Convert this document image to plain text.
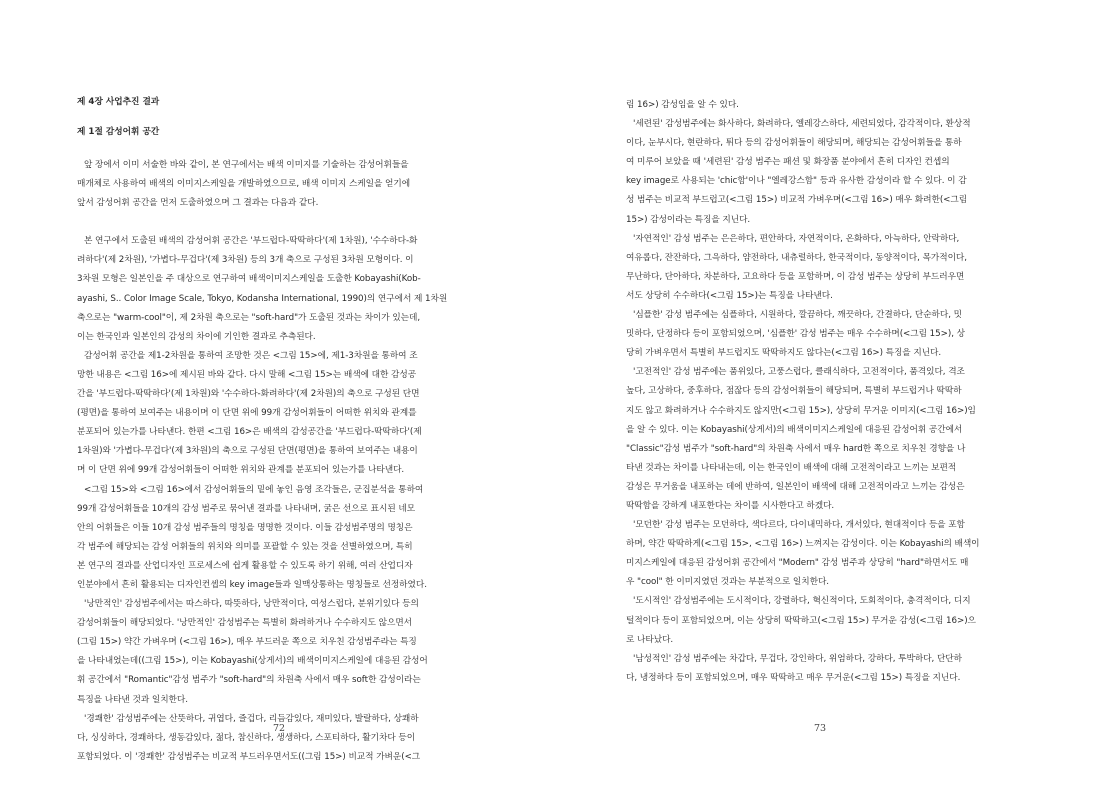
제 4장 사업추진 결과

제 1절 감성어휘 공간

앞 장에서 이미 서술한 바와 같이, 본 연구에서는 배색 이미지를 기술하는 감성어휘들을

매개체로 사용하여 배색의 이미지스케일을 개발하였으므로, 배색 이미지 스케일을 얻기에

앞서 감성어휘 공간을 먼저 도출하였으며 그 결과는 다음과 같다.

본 연구에서 도출된 배색의 감성어휘 공간은 '부드럽다-딱딱하다'(제 1차원), '수수하다-화

려하다'(제 2차원), '가볍다-무겁다'(제 3차원) 등의 3개 축으로 구성된 3차원 모형이다. 이

3차원 모형은 일본인을 주 대상으로 연구하여 배색이미지스케일을 도출한 Kobayashi(Kob-

ayashi, S.. Color Image Scale, Tokyo, Kodansha International, 1990)의 연구에서 제 1차원

축으로는 "warm-cool"이, 제 2차원 축으로는 "soft-hard"가 도출된 것과는 차이가 있는데,

이는 한국인과 일본인의 감성의 차이에 기인한 결과로 추측된다.

감성어휘 공간을 제1-2차원을 통하여 조망한 것은 <그림 15>에, 제1-3차원을 통하여 조

망한 내용은 <그림 16>에 제시된 바와 같다. 다시 말해 <그림 15>는 배색에 대한 감성공

간을 '부드럽다-딱딱하다'(제 1차원)와 '수수하다-화려하다'(제 2차원)의 축으로 구성된 단면

(평면)을 통하여 보여주는 내용이며 이 단면 위에 99개 감성어휘들이 어떠한 위치와 관계를

분포되어 있는가를 나타낸다. 한편 <그림 16>은 배색의 감성공간을 '부드럽다-딱딱하다'(제

1차원)와 '가볍다-무겁다'(제 3차원)의 축으로 구성된 단면(평면)을 통하여 보여주는 내용이

며 이 단면 위에 99개 감성어휘들이 어떠한 위치와 관계를 분포되어 있는가를 나타낸다.

<그림 15>와 <그림 16>에서 감성어휘들의 밑에 놓인 음영 조각들은, 군집분석을 통하여

99개 감성어휘들을 10개의 감성 범주로 묶어낸 결과를 나타내며, 굵은 선으로 표시된 네모

안의 어휘들은 이들 10개 감성 범주들의 명칭을 명명한 것이다. 이들 감성범주명의 명칭은

각 범주에 해당되는 감성 어휘들의 위치와 의미를 포괄할 수 있는 것을 선별하였으며, 특히

본 연구의 결과를 산업디자인 프로세스에 쉽게 활용할 수 있도록 하기 위해, 여러 산업디자

인분야에서 흔히 활용되는 디자인컨셉의 key image들과 일맥상통하는 명칭들로 선정하였다.

'낭만적인' 감성범주에서는 따스하다, 따뜻하다, 낭만적이다, 여성스럽다, 분위기있다 등의

감성어휘들이 해당되었다. '낭만적인' 감성범주는 특별히 화려하거나 수수하지도 않으면서

(그림 15>) 약간 가벼우며 (<그림 16>), 매우 부드러운 쪽으로 치우친 감성범주라는 특징

을 나타내었는데((그림 15>), 이는 Kobayashi(상게서)의 배색이미지스케일에 대응된 감성어

휘 공간에서 "Romantic"감성 범주가 "soft-hard"의 차원축 사에서 매우 soft한 감성이라는

특징을 나타낸 것과 일치한다.

'경쾌한' 감성범주에는 산뜻하다, 귀엽다, 즐겁다, 리듬감있다, 재미있다, 발랄하다, 상쾌하

다, 싱싱하다, 경쾌하다, 생동감있다, 젊다, 참신하다, 생생하다, 스포티하다, 활기차다 등이

포함되었다. 이 '경쾌한' 감성범주는 비교적 부드러우면서도((그림 15>) 비교적 가벼운(<그

72

림 16>) 감성임을 알 수 있다.

'세련된' 감성범주에는 화사하다, 화려하다, 엘레강스하다, 세련되었다, 감각적이다, 환상적

이다, 눈부시다, 현란하다, 튀다 등의 감성어휘들이 해당되며, 해당되는 감성어휘들을 통하

여 미루어 보았을 때 '세련된' 감성 범주는 패션 및 화장품 분야에서 흔히 디자인 컨셉의

key image로 사용되는 'chic함'이나 "엘레강스함" 등과 유사한 감성이라 할 수 있다. 이 감

성 범주는 비교적 부드럽고(<그림 15>) 비교적 가벼우며(<그림 16>) 매우 화려한(<그림

15>) 감성이라는 특징을 지닌다.

'자연적인' 감성 범주는 은은하다, 편안하다, 자연적이다, 온화하다, 아늑하다, 안락하다,

여유롭다, 잔잔하다, 그윽하다, 얌전하다, 내츄럴하다, 한국적이다, 동양적이다, 목가적이다,

무난하다, 단아하다, 차분하다, 고요하다 등을 포함하며, 이 감성 범주는 상당히 부드러우면

서도 상당히 수수하다(<그림 15>)는 특징을 나타낸다.

'심플한' 감성 범주에는 심플하다, 시원하다, 깔끔하다, 깨끗하다, 간결하다, 단순하다, 밋

밋하다, 단정하다 등이 포함되었으며, '심플한' 감성 범주는 매우 수수하며(<그림 15>), 상

당히 가벼우면서 특별히 부드럽지도 딱딱하지도 않다는(<그림 16>) 특징을 지닌다.

'고전적인' 감성 범주에는 품위있다, 고풍스럽다, 클래식하다, 고전적이다, 품격있다, 격조

높다, 고상하다, 중후하다, 점잖다 등의 감성어휘들이 해당되며, 특별히 부드럽거나 딱딱하

지도 않고 화려하거나 수수하지도 않지만(<그림 15>), 상당히 무거운 이미지(<그림 16>)임

을 알 수 있다. 이는 Kobayashi(상게서)의 배색이미지스케일에 대응된 감성어휘 공간에서

"Classic"감성 범주가 "soft-hard"의 차원축 사에서 매우 hard한 쪽으로 치우친 경향을 나

타낸 것과는 차이를 나타내는데, 이는 한국인이 배색에 대해 고전적이라고 느끼는 보편적

감성은 무거움을 내포하는 데에 반하여, 일본인이 배색에 대해 고전적이라고 느끼는 감성은

딱딱함을 강하게 내포한다는 차이를 시사한다고 하겠다.

'모던한' 감성 범주는 모던하다, 색다르다, 다이내믹하다, 개서있다, 현대적이다 등을 포함

하며, 약간 딱딱하게(<그림 15>, <그림 16>) 느껴지는 감성이다. 이는 Kobayashi의 배색이

미지스케일에 대응된 감성어휘 공간에서 "Modern" 감성 범주과 상당히 "hard"하면서도 매

우 "cool" 한 이미지였던 것과는 부분적으로 일치한다.

'도시적인' 감성범주에는 도시적이다, 강렬하다, 혁신적이다, 도회적이다, 충격적이다, 디지

털적이다 등이 포함되었으며, 이는 상당히 딱딱하고(<그림 15>) 무거운 감성(<그림 16>)으

로 나타났다.

'남성적인' 감성 범주에는 차갑다, 무겁다, 강인하다, 위엄하다, 강하다, 투박하다, 단단하

다, 냉정하다 등이 포함되었으며, 매우 딱딱하고 매우 무거운(<그림 15>) 특징을 지닌다.

73
